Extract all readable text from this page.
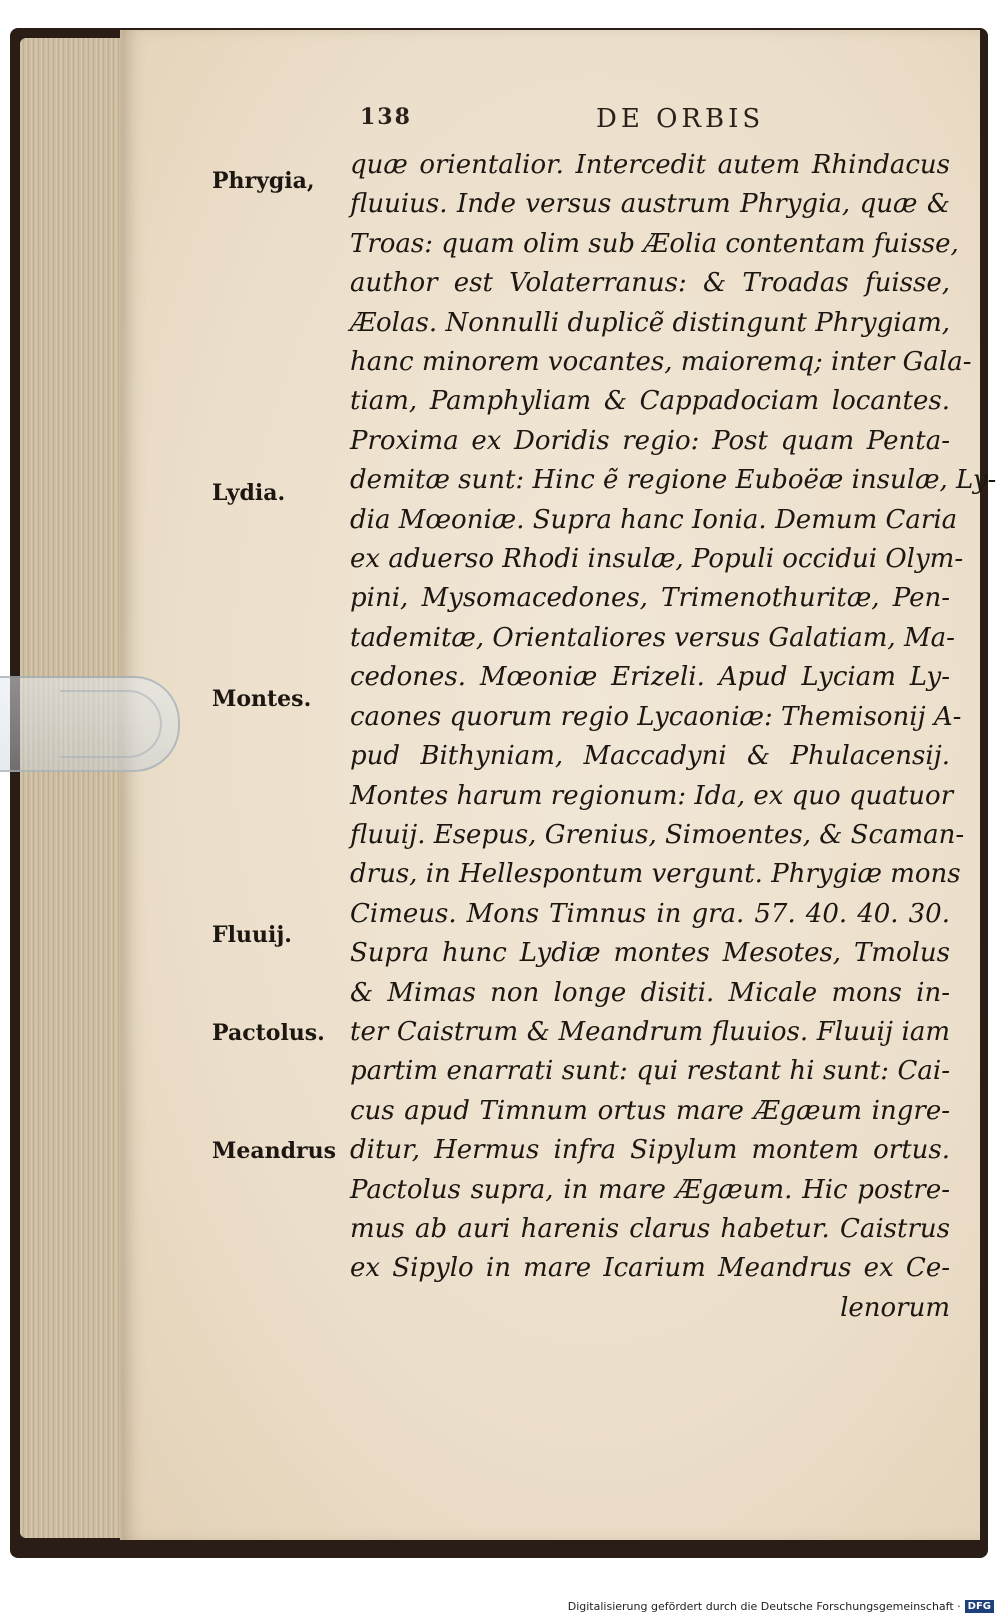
138	DE ORBIS
Phrygia,
Lydia.
Montes.
Fluuij.
Pactolus.
Meandrus
quæ orientalior. Intercedit autem Rhindacus
fluuius. Inde versus austrum Phrygia, quæ &
Troas: quam olim sub Æolia contentam fuisse,
author est Volaterranus: & Troadas fuisse,
Æolas. Nonnulli duplicẽ distingunt Phrygiam,
hanc minorem vocantes, maioremq; inter Gala-
tiam, Pamphyliam & Cappadociam locantes.
Proxima ex Doridis regio: Post quam Penta-
demitæ sunt: Hinc ẽ regione Euboëæ insulæ, Ly-
dia Mœoniæ. Supra hanc Ionia. Demum Caria
ex aduerso Rhodi insulæ, Populi occidui Olym-
pini, Mysomacedones, Trimenothuritæ, Pen-
tademitæ, Orientaliores versus Galatiam, Ma-
cedones. Mœoniæ Erizeli. Apud Lyciam Ly-
caones quorum regio Lycaoniæ: Themisonij A-
pud Bithyniam, Maccadyni & Phulacensij.
Montes harum regionum: Ida, ex quo quatuor
fluuij. Esepus, Grenius, Simoentes, & Scaman-
drus, in Hellespontum vergunt. Phrygiæ mons
Cimeus. Mons Timnus in gra. 57. 40. 40. 30.
Supra hunc Lydiæ montes Mesotes, Tmolus
& Mimas non longe disiti. Micale mons in-
ter Caistrum & Meandrum fluuios. Fluuij iam
partim enarrati sunt: qui restant hi sunt: Cai-
cus apud Timnum ortus mare Ægæum ingre-
ditur, Hermus infra Sipylum montem ortus.
Pactolus supra, in mare Ægæum. Hic postre-
mus ab auri harenis clarus habetur. Caistrus
ex Sipylo in mare Icarium Meandrus ex Ce-
lenorum
Digitalisierung gefördert durch die Deutsche Forschungsgemeinschaft · DFG
